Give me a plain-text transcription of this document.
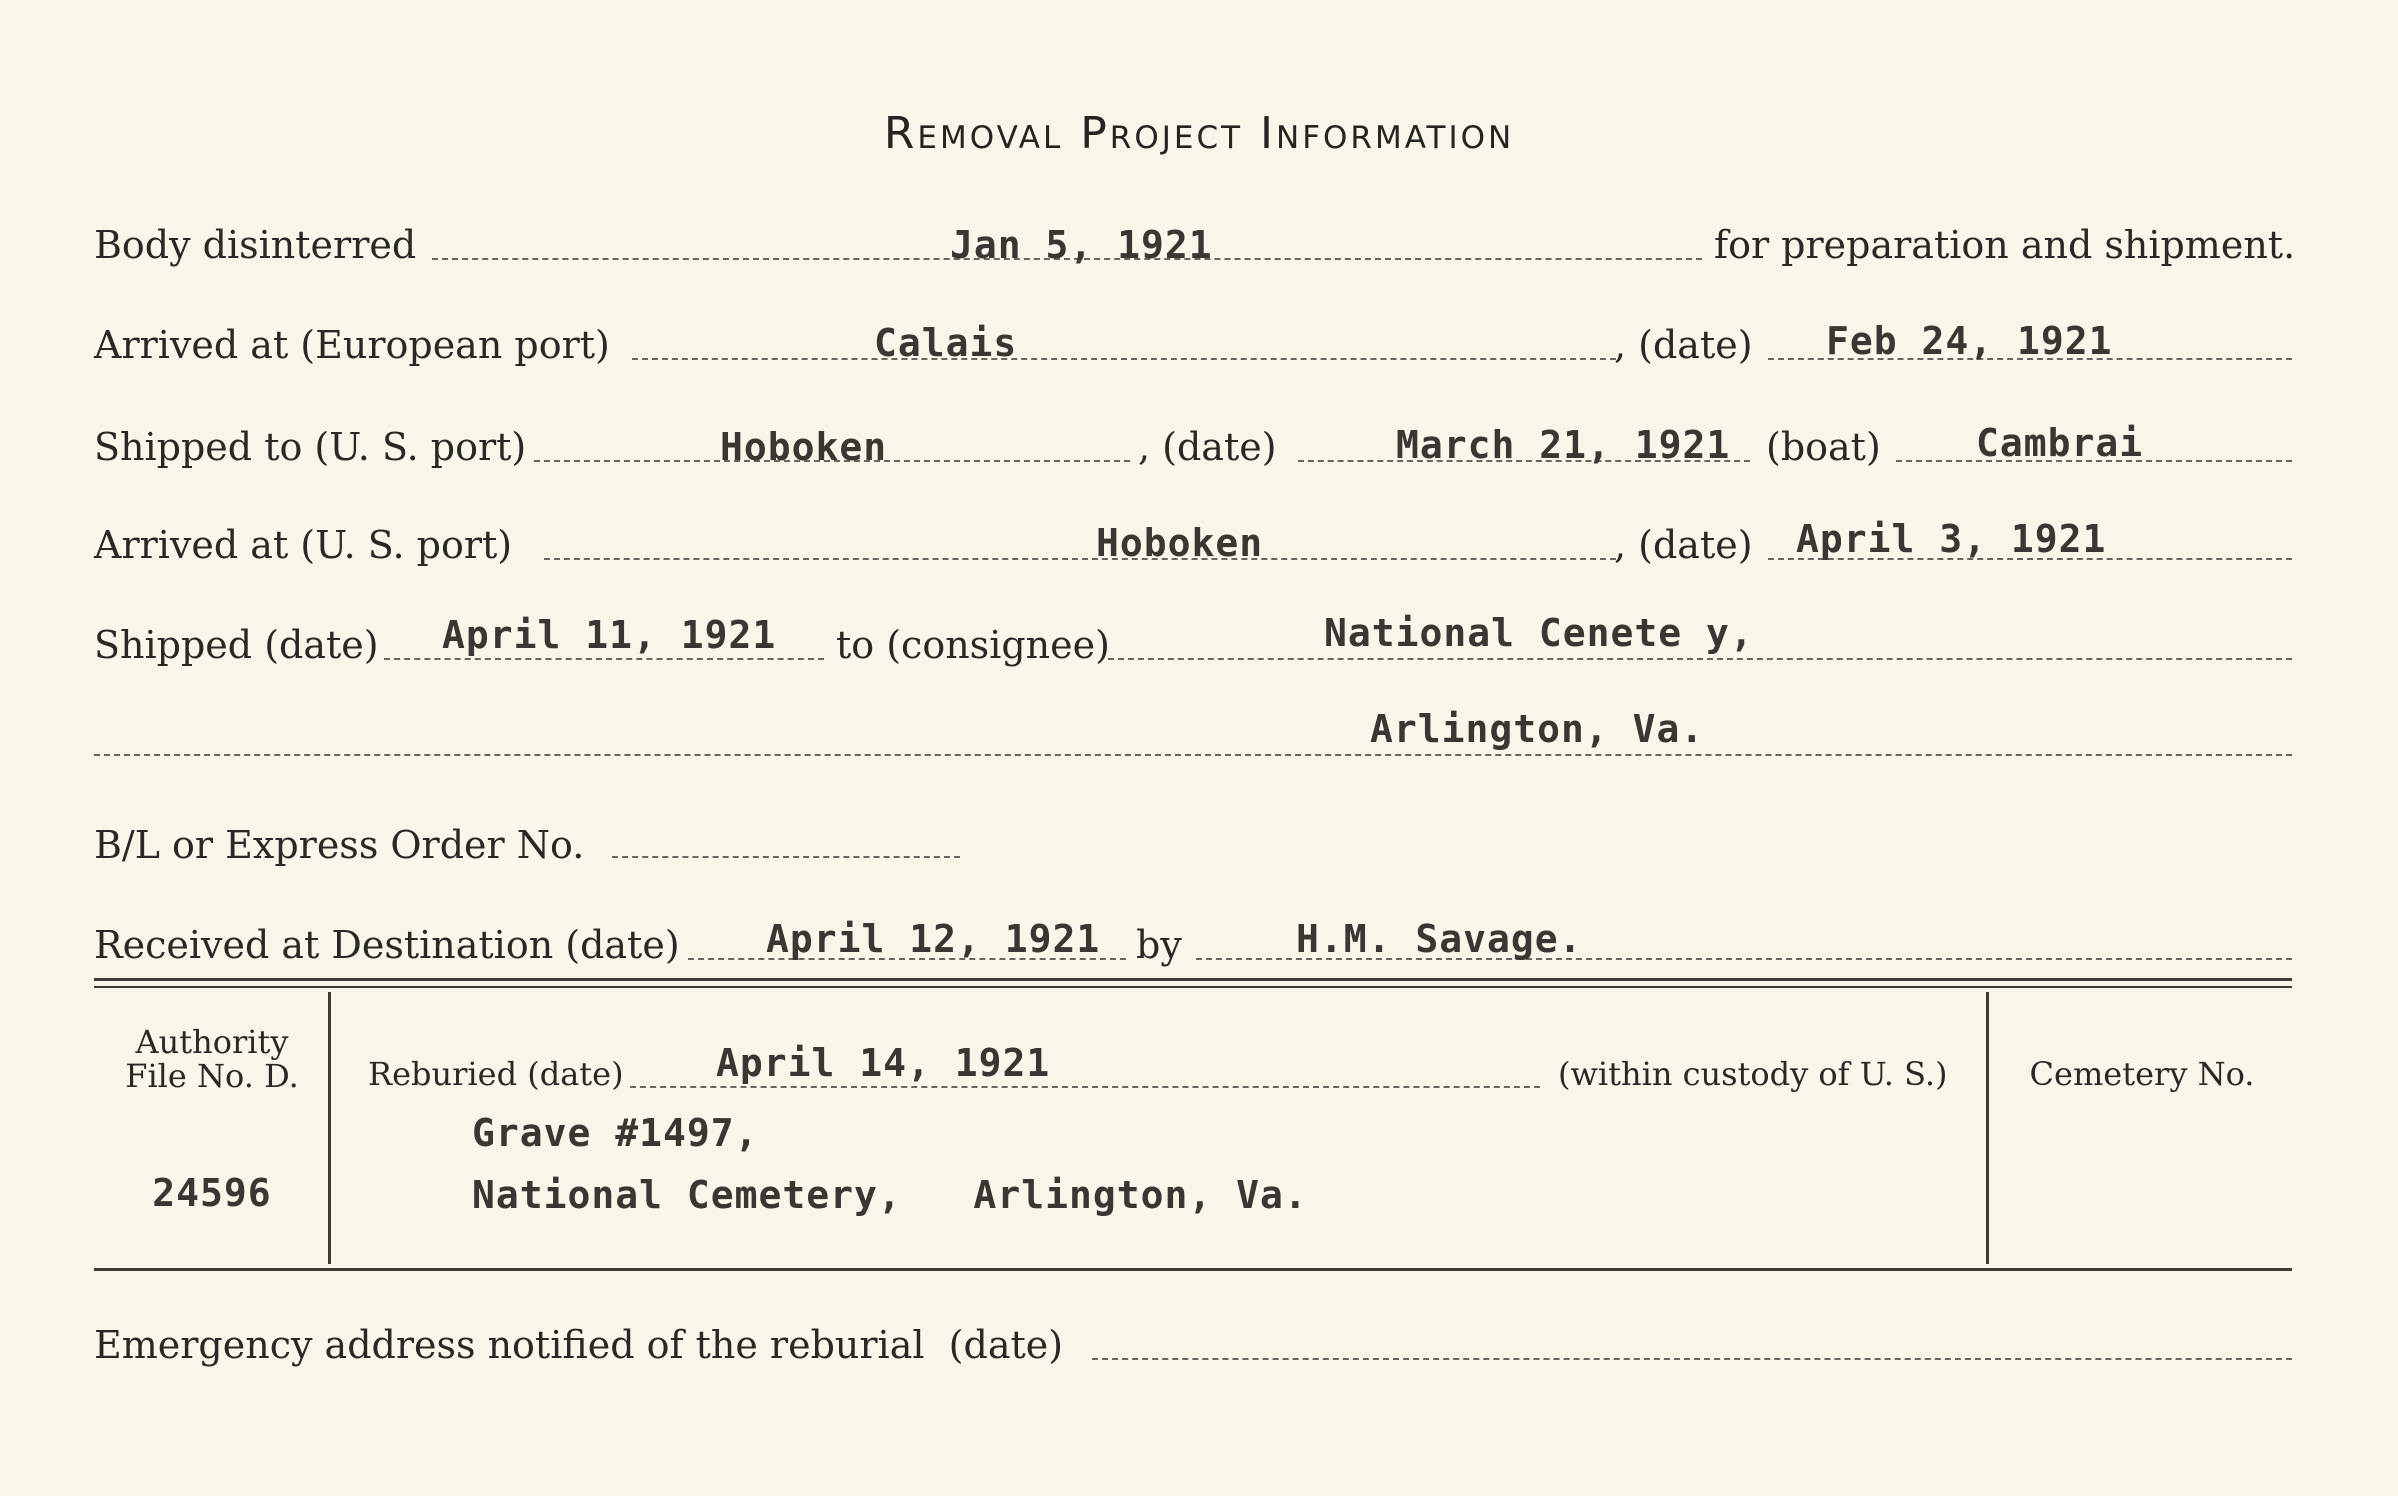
Removal Project Information
Body disinterred	Jan 5, 1921	for preparation and shipment.
Arrived at (European port)	Calais	, (date) Feb 24, 1921
Shipped to (U. S. port)	Hoboken	, (date)	March 21, 1921 (boat)	Cambrai
Arrived at (U. S. port)	Hoboken	, (date) April 3, 1921
Shipped (date) April 11, 1921 to (consignee)	National Cenete y,
Arlington, Va.
B/L or Express Order No.
Received at Destination (date) April 12, 1921 by	H.M. Savage.
Authority
File No. D.
24596
Reburied (date) April 14, 1921	(within custody of U. S.)
Grave #1497,
National Cemetery,   Arlington, Va.
Cemetery No.
Emergency address notified of the reburial  (date)
